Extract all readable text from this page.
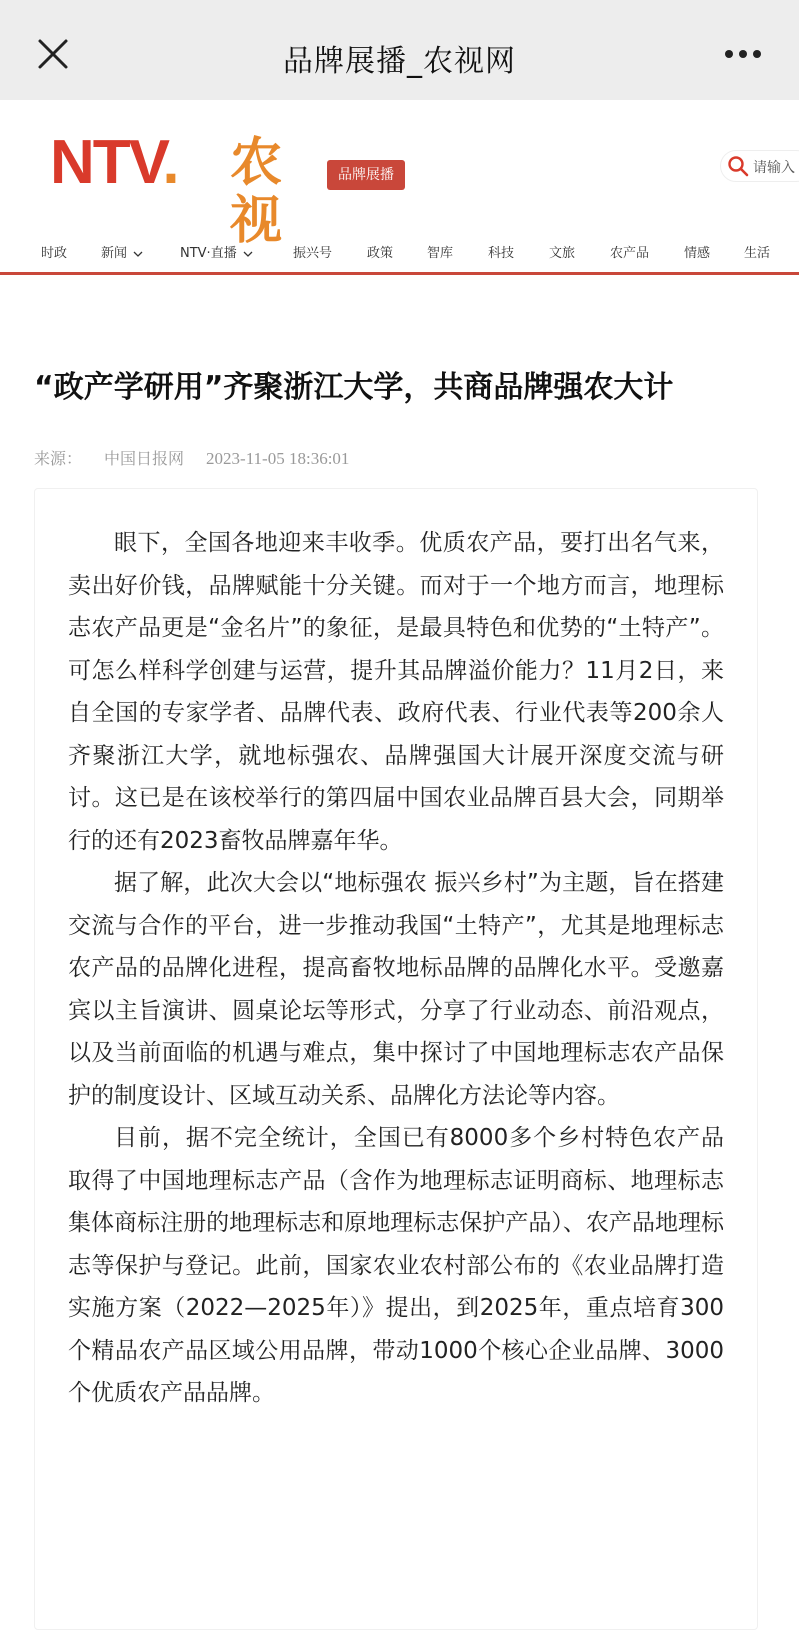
品牌展播_农视网
NTV. 农视
品牌展播	请输入
时政	新闻	NTV·直播	振兴号	政策	智库	科技	文旅	农产品	情感	生活
“政产学研用”齐聚浙江大学，共商品牌强农大计
来源： 中国日报网 2023-11-05 18:36:01

眼下，全国各地迎来丰收季。优质农产品，要打出名气来，卖出好价钱，品牌赋能十分关键。而对于一个地方而言，地理标志农产品更是“金名片”的象征，是最具特色和优势的“土特产”。可怎么样科学创建与运营，提升其品牌溢价能力？11月2日，来自全国的专家学者、品牌代表、政府代表、行业代表等200余人齐聚浙江大学，就地标强农、品牌强国大计展开深度交流与研讨。这已是在该校举行的第四届中国农业品牌百县大会，同期举行的还有2023畜牧品牌嘉年华。

据了解，此次大会以“地标强农 振兴乡村”为主题，旨在搭建交流与合作的平台，进一步推动我国“土特产”，尤其是地理标志农产品的品牌化进程，提高畜牧地标品牌的品牌化水平。受邀嘉宾以主旨演讲、圆桌论坛等形式，分享了行业动态、前沿观点，以及当前面临的机遇与难点，集中探讨了中国地理标志农产品保护的制度设计、区域互动关系、品牌化方法论等内容。

目前，据不完全统计，全国已有8000多个乡村特色农产品取得了中国地理标志产品（含作为地理标志证明商标、地理标志集体商标注册的地理标志和原地理标志保护产品）、农产品地理标志等保护与登记。此前，国家农业农村部公布的《农业品牌打造实施方案（2022—2025年）》提出，到2025年，重点培育300个精品农产品区域公用品牌，带动1000个核心企业品牌、3000个优质农产品品牌。
